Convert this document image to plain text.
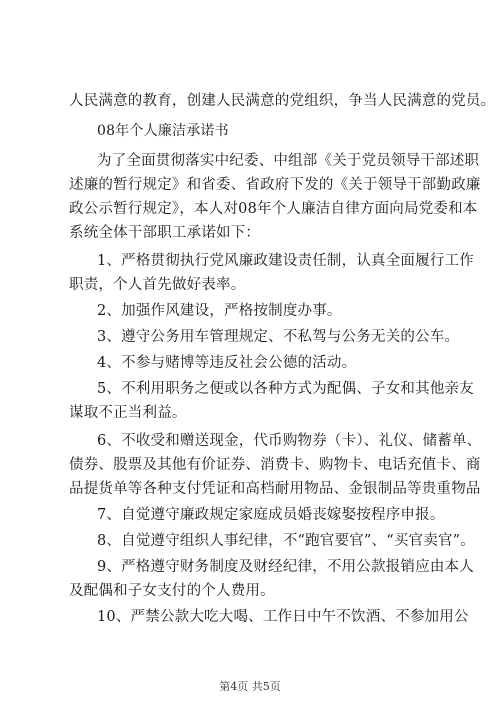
人民满意的教育，创建人民满意的党组织，争当人民满意的党员。
08年个人廉洁承诺书
为了全面贯彻落实中纪委、中组部《关于党员领导干部述职
述廉的暂行规定》和省委、省政府下发的《关于领导干部勤政廉
政公示暂行规定》，本人对08年个人廉洁自律方面向局党委和本
系统全体干部职工承诺如下：
1、严格贯彻执行党风廉政建设责任制，认真全面履行工作
职责，个人首先做好表率。
2、加强作风建设，严格按制度办事。
3、遵守公务用车管理规定、不私驾与公务无关的公车。
4、不参与赌博等违反社会公德的活动。
5、不利用职务之便或以各种方式为配偶、子女和其他亲友
谋取不正当利益。
6、不收受和赠送现金，代币购物券（卡）、礼仪、储蓄单、
债券、股票及其他有价证券、消费卡、购物卡、电话充值卡、商
品提货单等各种支付凭证和高档耐用物品、金银制品等贵重物品
7、自觉遵守廉政规定家庭成员婚丧嫁娶按程序申报。
8、自觉遵守组织人事纪律，不“跑官要官”、“买官卖官”。
9、严格遵守财务制度及财经纪律，不用公款报销应由本人
及配偶和子女支付的个人费用。
10、严禁公款大吃大喝、工作日中午不饮酒、不参加用公
第4页 共5页
